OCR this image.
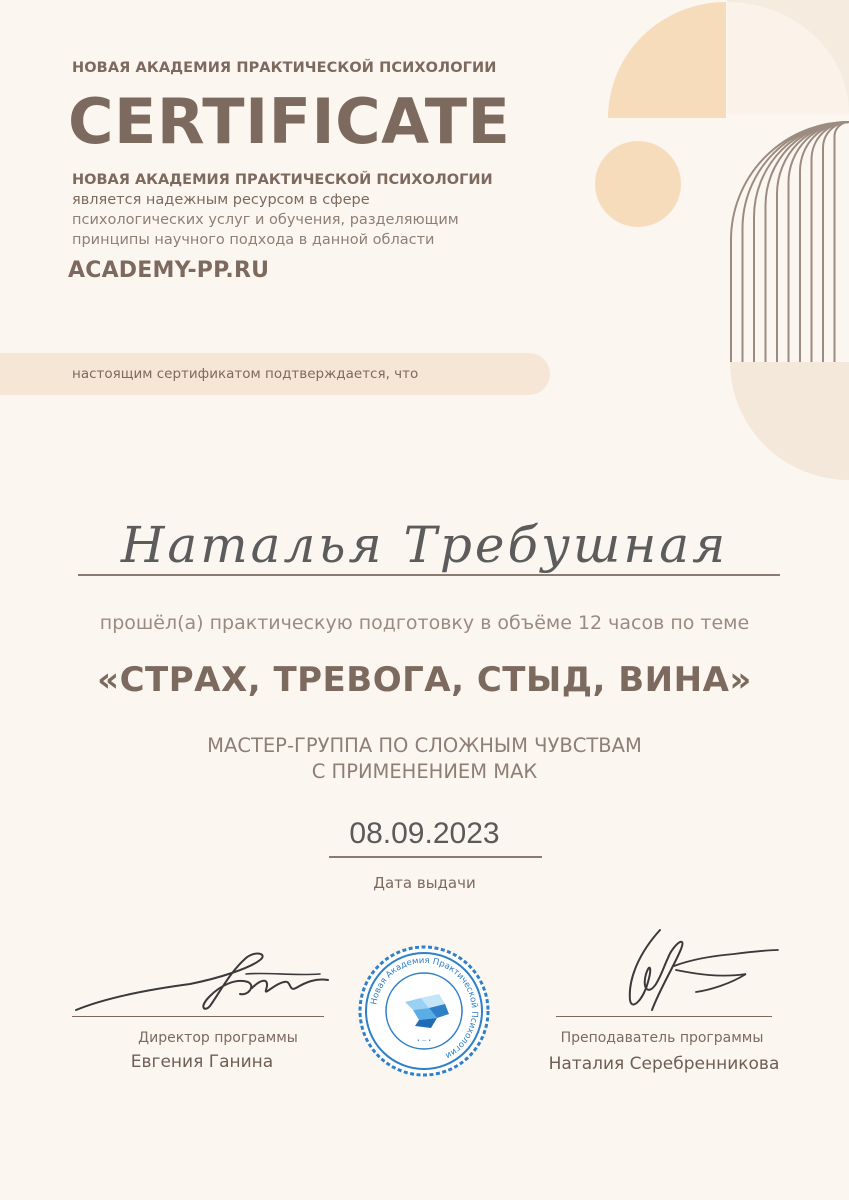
НОВАЯ АКАДЕМИЯ ПРАКТИЧЕСКОЙ ПСИХОЛОГИИ
CERTIFICATE
НОВАЯ АКАДЕМИЯ ПРАКТИЧЕСКОЙ ПСИХОЛОГИИ
является надежным ресурсом в сфере
психологических услуг и обучения, разделяющим
принципы научного подхода в данной области
ACADEMY-PP.RU
настоящим сертификатом подтверждается, что
Наталья Требушная
прошёл(а) практическую подготовку в объёме 12 часов по теме
«СТРАХ, ТРЕВОГА, СТЫД, ВИНА»
МАСТЕР-ГРУППА ПО СЛОЖНЫМ ЧУВСТВАМ
С ПРИМЕНЕНИЕМ МАК
08.09.2023
Дата выдачи
Директор программы
Евгения Ганина
Новая Академия Практической Психологии
• — •	Преподаватель программы
Наталия Серебренникова
